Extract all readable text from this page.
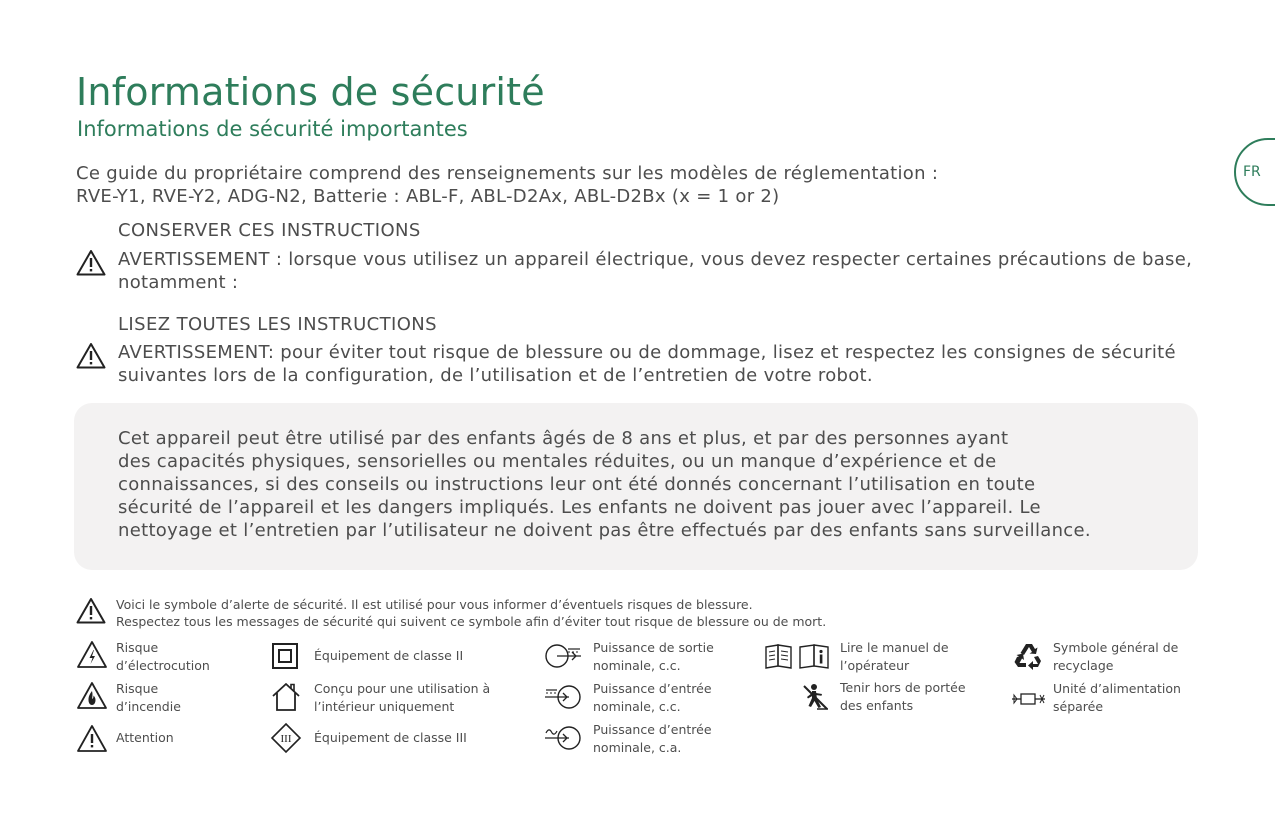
Informations de sécurité
Informations de sécurité importantes
FR
Ce guide du propriétaire comprend des renseignements sur les modèles de réglementation :
RVE-Y1, RVE-Y2, ADG-N2, Batterie : ABL-F, ABL-D2Ax, ABL-D2Bx (x = 1 or 2)
CONSERVER CES INSTRUCTIONS
AVERTISSEMENT : lorsque vous utilisez un appareil électrique, vous devez respecter certaines précautions de base, notamment :
LISEZ TOUTES LES INSTRUCTIONS
AVERTISSEMENT: pour éviter tout risque de blessure ou de dommage, lisez et respectez les consignes de sécurité suivantes lors de la configuration, de l’utilisation et de l’entretien de votre robot.

Cet appareil peut être utilisé par des enfants âgés de 8 ans et plus, et par des personnes ayant
des capacités physiques, sensorielles ou mentales réduites, ou un manque d’expérience et de
connaissances, si des conseils ou instructions leur ont été donnés concernant l’utilisation en toute
sécurité de l’appareil et les dangers impliqués. Les enfants ne doivent pas jouer avec l’appareil. Le
nettoyage et l’entretien par l’utilisateur ne doivent pas être effectués par des enfants sans surveillance.

Voici le symbole d’alerte de sécurité. Il est utilisé pour vous informer d’éventuels risques de blessure.
Respectez tous les messages de sécurité qui suivent ce symbole afin d’éviter tout risque de blessure ou de mort.
Risque
d’électrocution
Risque
d’incendie
Attention
Équipement de classe II
Conçu pour une utilisation à
l’intérieur uniquement
III Équipement de classe III
Puissance de sortie
nominale, c.c.
Puissance d’entrée
nominale, c.c.
Puissance d’entrée
nominale, c.a.
Lire le manuel de
l’opérateur
Tenir hors de portée
des enfants
Symbole général de
recyclage
Unité d’alimentation
séparée
